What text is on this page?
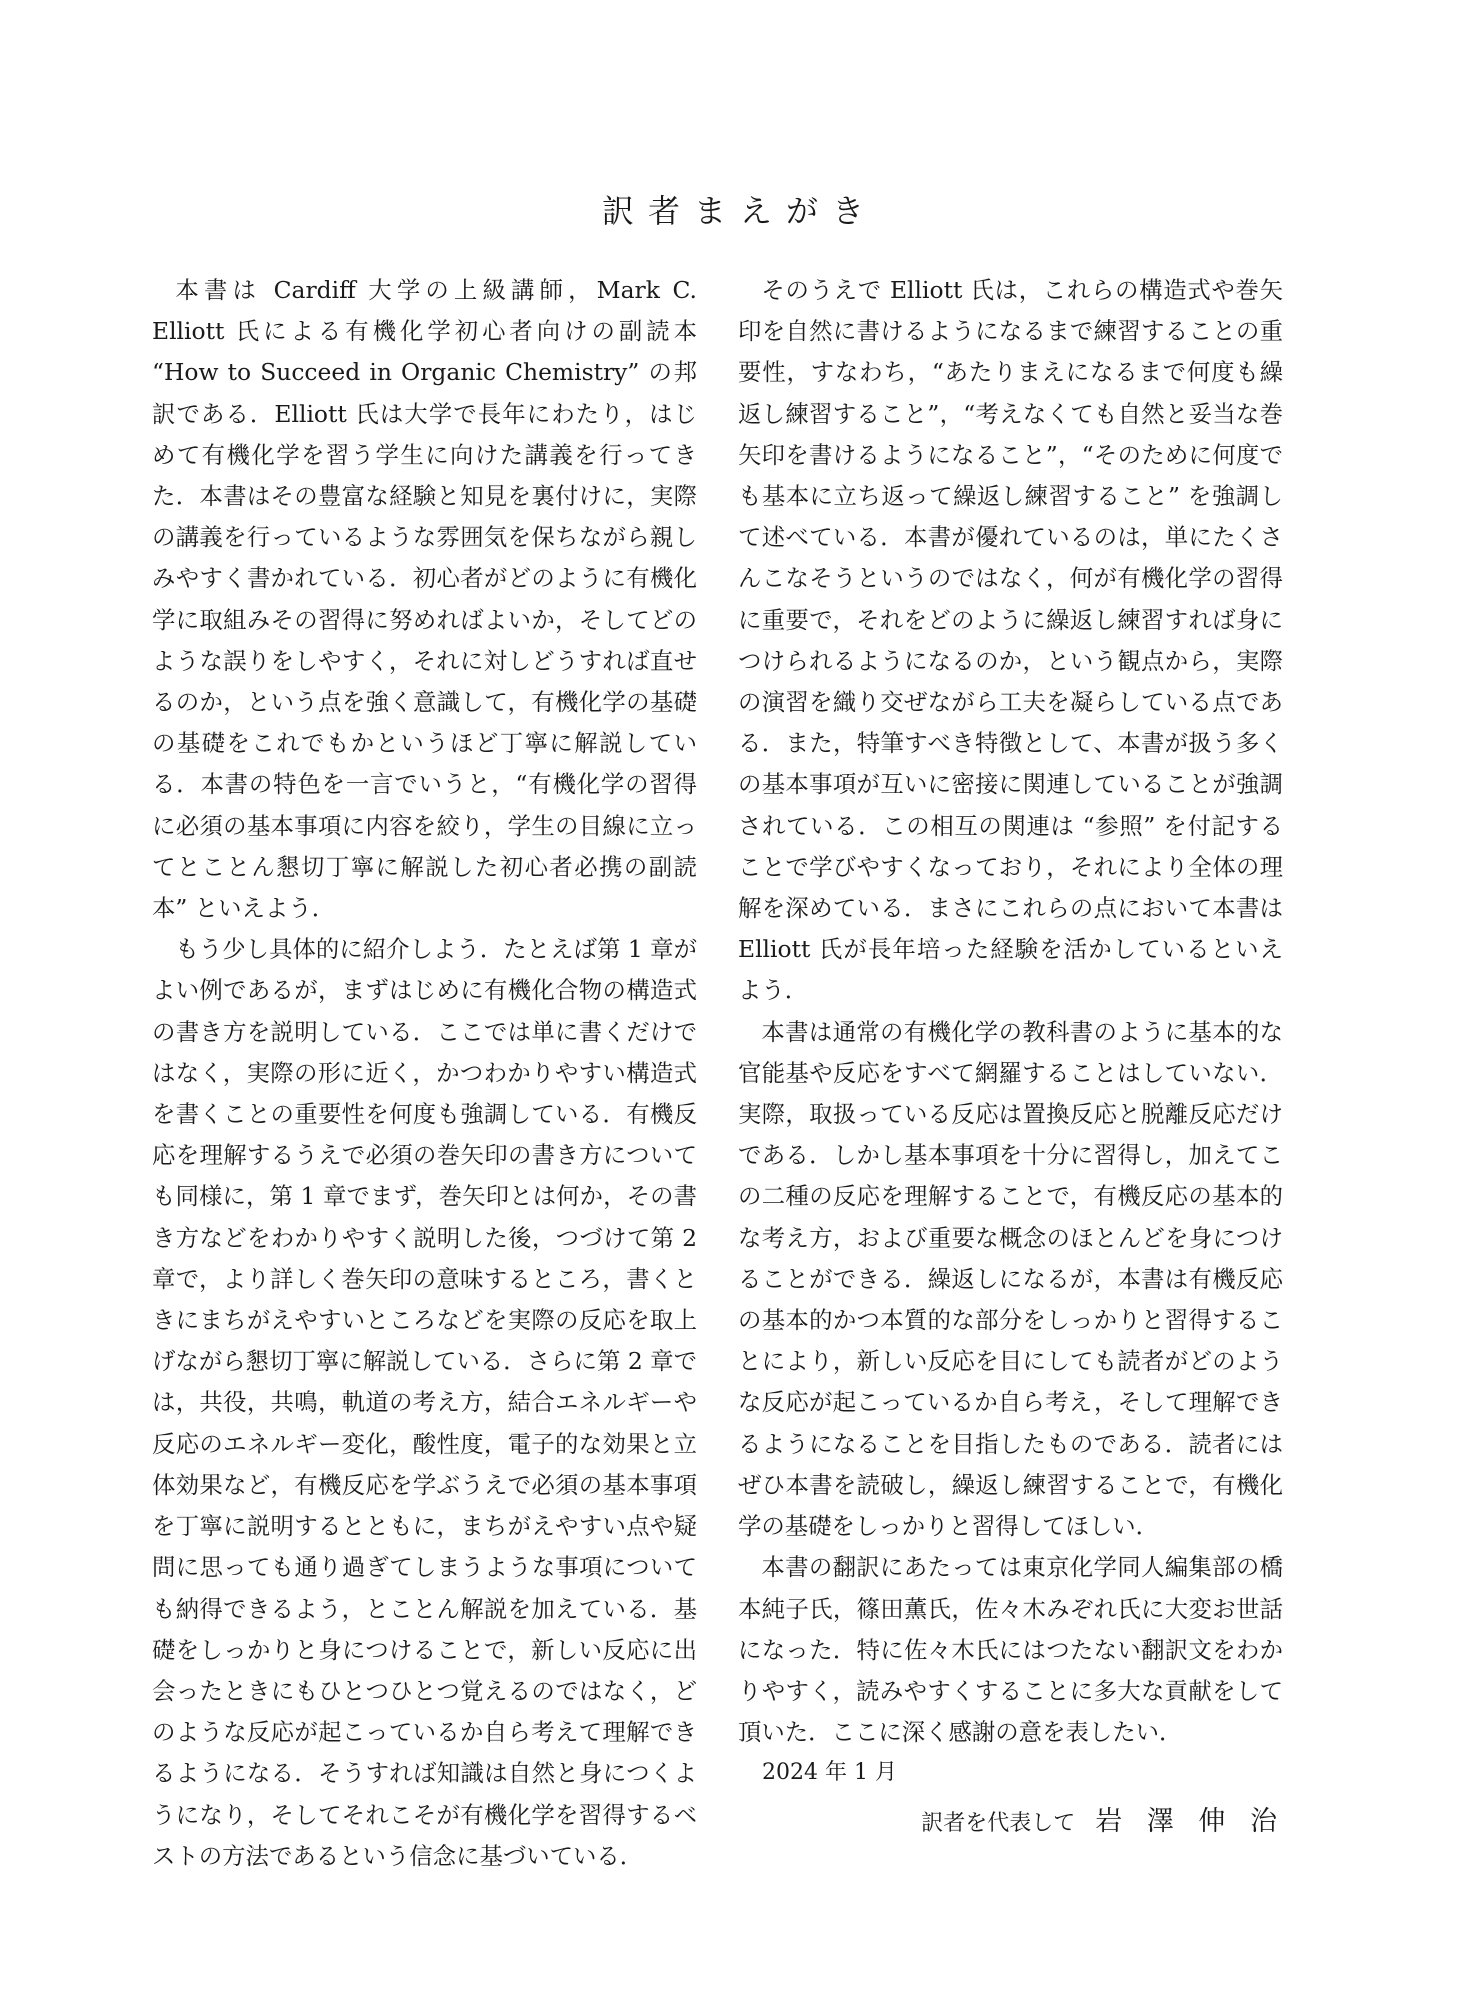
訳者まえがき

本書は Cardiff 大学の上級講師，Mark C. Elliott 氏による有機化学初心者向けの副読本 “How to Succeed in Organic Chemistry” の邦訳である．Elliott 氏は大学で長年にわたり，はじめて有機化学を習う学生に向けた講義を行ってきた．本書はその豊富な経験と知見を裏付けに，実際の講義を行っているような雰囲気を保ちながら親しみやすく書かれている．初心者がどのように有機化学に取組みその習得に努めればよいか，そしてどのような誤りをしやすく，それに対しどうすれば直せるのか，という点を強く意識して，有機化学の基礎の基礎をこれでもかというほど丁寧に解説している．本書の特色を一言でいうと，“有機化学の習得に必須の基本事項に内容を絞り，学生の目線に立ってとことん懇切丁寧に解説した初心者必携の副読本” といえよう．

もう少し具体的に紹介しよう．たとえば第 1 章がよい例であるが，まずはじめに有機化合物の構造式の書き方を説明している．ここでは単に書くだけではなく，実際の形に近く，かつわかりやすい構造式を書くことの重要性を何度も強調している．有機反応を理解するうえで必須の巻矢印の書き方についても同様に，第 1 章でまず，巻矢印とは何か，その書き方などをわかりやすく説明した後，つづけて第 2 章で，より詳しく巻矢印の意味するところ，書くときにまちがえやすいところなどを実際の反応を取上げながら懇切丁寧に解説している．さらに第 2 章では，共役，共鳴，軌道の考え方，結合エネルギーや反応のエネルギー変化，酸性度，電子的な効果と立体効果など，有機反応を学ぶうえで必須の基本事項を丁寧に説明するとともに，まちがえやすい点や疑問に思っても通り過ぎてしまうような事項についても納得できるよう，とことん解説を加えている．基礎をしっかりと身につけることで，新しい反応に出会ったときにもひとつひとつ覚えるのではなく，どのような反応が起こっているか自ら考えて理解できるようになる．そうすれば知識は自然と身につくようになり，そしてそれこそが有機化学を習得するベストの方法であるという信念に基づいている．

そのうえで Elliott 氏は，これらの構造式や巻矢印を自然に書けるようになるまで練習することの重要性，すなわち，“あたりまえになるまで何度も繰返し練習すること”，“考えなくても自然と妥当な巻矢印を書けるようになること”，“そのために何度でも基本に立ち返って繰返し練習すること” を強調して述べている．本書が優れているのは，単にたくさんこなそうというのではなく，何が有機化学の習得に重要で，それをどのように繰返し練習すれば身につけられるようになるのか，という観点から，実際の演習を織り交ぜながら工夫を凝らしている点である．また，特筆すべき特徴として、本書が扱う多くの基本事項が互いに密接に関連していることが強調されている．この相互の関連は “参照” を付記することで学びやすくなっており，それにより全体の理解を深めている．まさにこれらの点において本書は Elliott 氏が長年培った経験を活かしているといえよう．

本書は通常の有機化学の教科書のように基本的な官能基や反応をすべて網羅することはしていない．実際，取扱っている反応は置換反応と脱離反応だけである．しかし基本事項を十分に習得し，加えてこの二種の反応を理解することで，有機反応の基本的な考え方，および重要な概念のほとんどを身につけることができる．繰返しになるが，本書は有機反応の基本的かつ本質的な部分をしっかりと習得することにより，新しい反応を目にしても読者がどのような反応が起こっているか自ら考え，そして理解できるようになることを目指したものである．読者にはぜひ本書を読破し，繰返し練習することで，有機化学の基礎をしっかりと習得してほしい．

本書の翻訳にあたっては東京化学同人編集部の橋本純子氏，篠田薫氏，佐々木みぞれ氏に大変お世話になった．特に佐々木氏にはつたない翻訳文をわかりやすく，読みやすくすることに多大な貢献をして頂いた．ここに深く感謝の意を表したい．

2024 年 1 月
訳者を代表して 岩 澤 伸 治
